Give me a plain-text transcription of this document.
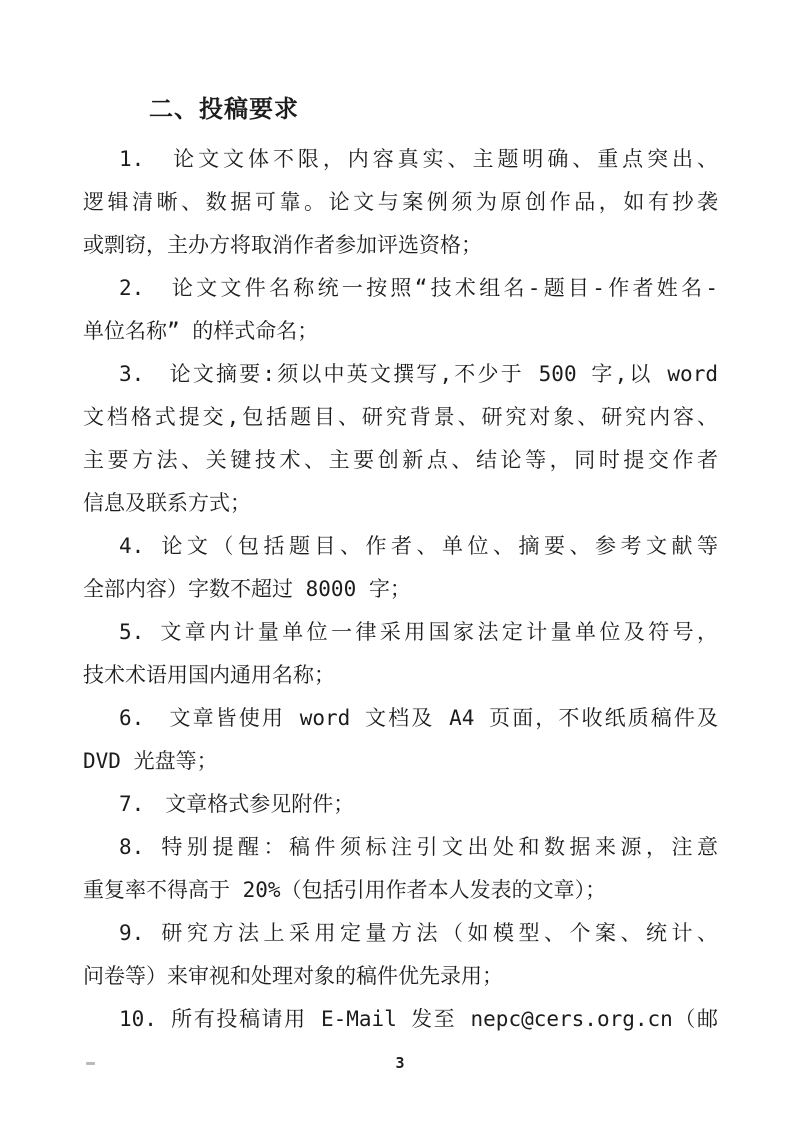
二、投稿要求
1.　论文文体不限，内容真实、主题明确、重点突出、
逻辑清晰、数据可靠。论文与案例须为原创作品，如有抄袭
或剽窃，主办方将取消作者参加评选资格；
2.　论文文件名称统一按照“技术组名-题目-作者姓名-
单位名称” 的样式命名；
3.　论文摘要:须以中英文撰写,不少于 500 字,以 word
文档格式提交,包括题目、研究背景、研究对象、研究内容、
主要方法、关键技术、主要创新点、结论等，同时提交作者
信息及联系方式；
4. 论文（包括题目、作者、单位、摘要、参考文献等
全部内容）字数不超过 8000 字；
5. 文章内计量单位一律采用国家法定计量单位及符号，
技术术语用国内通用名称；
6.　文章皆使用 word 文档及 A4 页面，不收纸质稿件及
DVD 光盘等；
7.　文章格式参见附件；
8. 特别提醒：稿件须标注引文出处和数据来源，注意
重复率不得高于 20%（包括引用作者本人发表的文章）；
9. 研究方法上采用定量方法（如模型、个案、统计、
问卷等）来审视和处理对象的稿件优先录用；
10. 所有投稿请用 E-Mail 发至 nepc@cers.org.cn（邮
3
